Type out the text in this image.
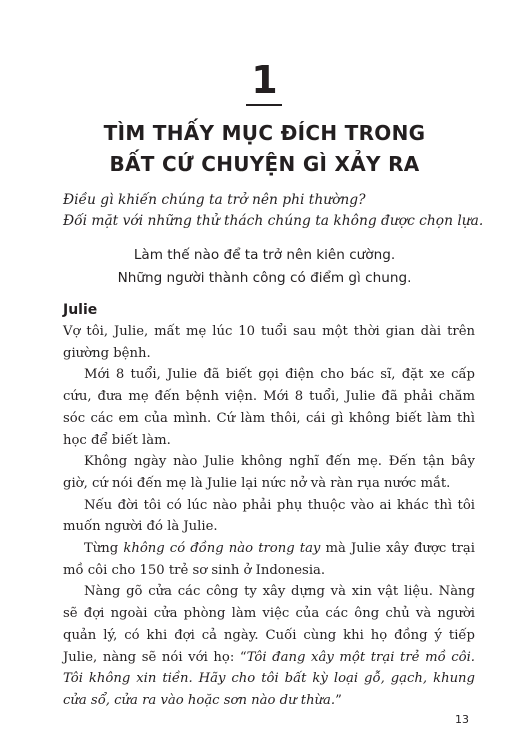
1
TÌM THẤY MỤC ĐÍCH TRONG
BẤT CỨ CHUYỆN GÌ XẢY RA
Điều gì khiến chúng ta trở nên phi thường?
Đối mặt với những thử thách chúng ta không được chọn lựa.
Làm thế nào để ta trở nên kiên cường.
Những người thành công có điểm gì chung.
Julie

Vợ tôi, Julie, mất mẹ lúc 10 tuổi sau một thời gian dài trên giường bệnh.

Mới 8 tuổi, Julie đã biết gọi điện cho bác sĩ, đặt xe cấp cứu, đưa mẹ đến bệnh viện. Mới 8 tuổi, Julie đã phải chăm sóc các em của mình. Cứ làm thôi, cái gì không biết làm thì học để biết làm.

Không ngày nào Julie không nghĩ đến mẹ. Đến tận bây giờ, cứ nói đến mẹ là Julie lại nức nở và ràn rụa nước mắt.

Nếu đời tôi có lúc nào phải phụ thuộc vào ai khác thì tôi muốn người đó là Julie.

Từng không có đồng nào trong tay mà Julie xây được trại mồ côi cho 150 trẻ sơ sinh ở Indonesia.

Nàng gõ cửa các công ty xây dựng và xin vật liệu. Nàng sẽ đợi ngoài cửa phòng làm việc của các ông chủ và người quản lý, có khi đợi cả ngày. Cuối cùng khi họ đồng ý tiếp Julie, nàng sẽ nói với họ: “Tôi đang xây một trại trẻ mồ côi. Tôi không xin tiền. Hãy cho tôi bất kỳ loại gỗ, gạch, khung cửa sổ, cửa ra vào hoặc sơn nào dư thừa.”

13
